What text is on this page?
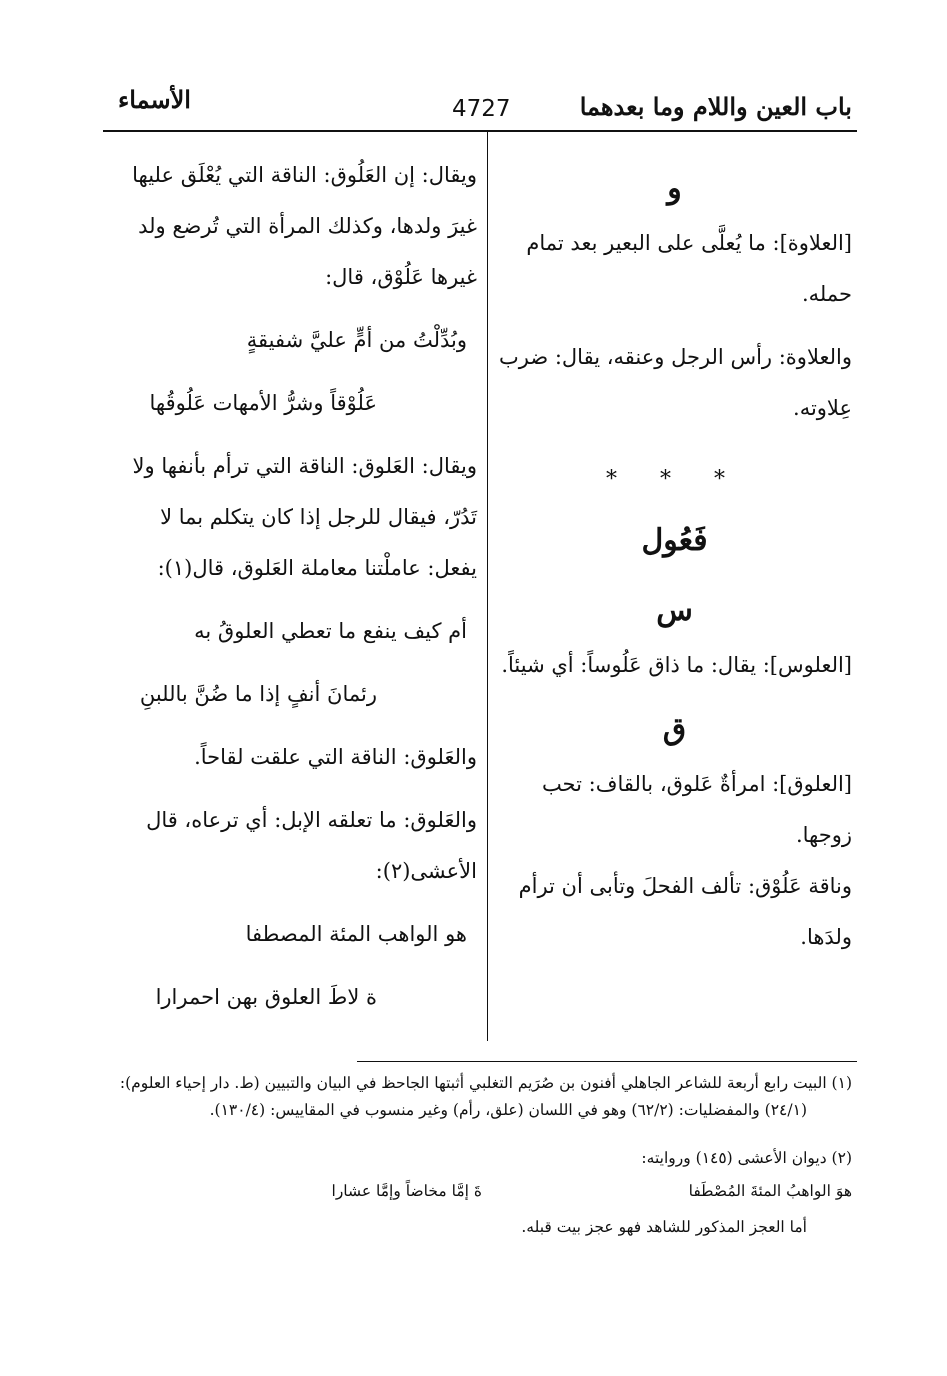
باب العين واللام وما بعدهما
4727
الأسماء

و

[العلاوة]: ما يُعلَّى على البعير بعد تمام حمله.

والعلاوة: رأس الرجل وعنقه، يقال: ضرب عِلاوته.

* * *

فَعُول

س

[العلوس]: يقال: ما ذاق عَلُوساً: أي شيئاً.

ق

[العلوق]: امرأةٌ عَلوق، بالقاف: تحب زوجها.

وناقة عَلُوْق: تألف الفحلَ وتأبى أن ترأم ولدَها.

ويقال: إن العَلُوق: الناقة التي يُعْلَق عليها غيرَ ولدها، وكذلك المرأة التي تُرضع ولد غيرها عَلُوْق، قال:

وبُدِّلْتُ من أمٍّ عليَّ شفيقةٍ

عَلُوْقاً وشرُّ الأمهات عَلُوقُها

ويقال: العَلوق: الناقة التي ترأم بأنفها ولا تَدُرّ، فيقال للرجل إذا كان يتكلم بما لا يفعل: عاملْتنا معاملة العَلوق، قال(١):

أم كيف ينفع ما تعطي العلوقُ به

رئمانَ أنفٍ إذا ما ضُنَّ باللبنِ

والعَلوق: الناقة التي علقت لقاحاً.

والعَلوق: ما تعلقه الإبل: أي ترعاه، قال الأعشى(٢):

هو الواهب المئة المصطفا

ة لاطَ العلوق بهن احمرارا

(١) البيت رابع أربعة للشاعر الجاهلي أفنون بن صُرَيم التغلبي أثبتها الجاحظ في البيان والتبيين (ط. دار إحياء العلوم):
(٢٤/١) والمفضليات: (٦٢/٢) وهو في اللسان (علق، رأم) وغير منسوب في المقاييس: (١٣٠/٤).
(٢) ديوان الأعشى (١٤٥) وروايته:
هوَ الواهبُ المئةَ المُصْطَفاةَ إمَّا مخاضاً وإمَّا عشارا
أما العجز المذكور للشاهد فهو عجز بيت قبله.
